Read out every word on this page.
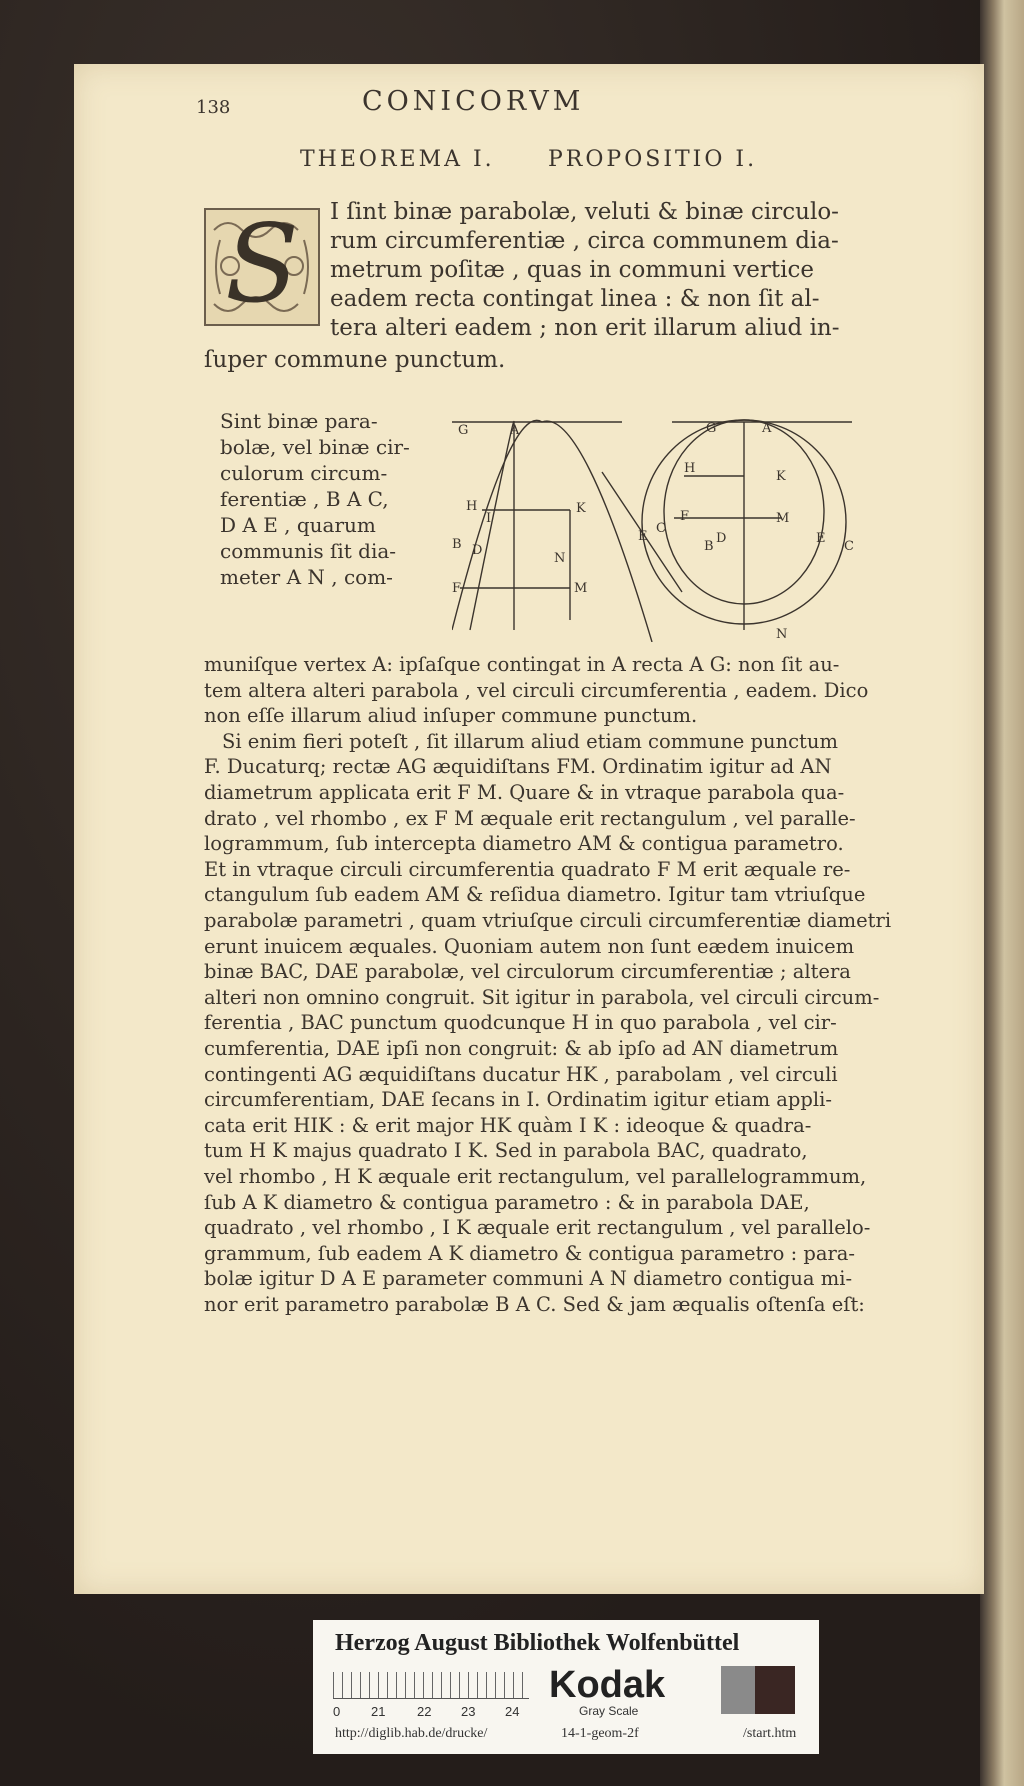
138	CONICORVM
THEOREMA I. PROPOSITIO I.
S	I ſint binæ parabolæ, veluti & binæ circulo-
rum circumferentiæ , circa communem dia-
metrum poſitæ , quas in communi vertice
eadem recta contingat linea : & non ſit al-
tera alteri eadem ; non erit illarum aliud in-
ſuper commune punctum.
Sint binæ para-
bolæ, vel binæ cir-
culorum circum-
ferentiæ , B A C,
D A E , quarum
communis ſit dia-
meter A N , com-
G	A
H
I
K
B D
N
F	M
G	A
H
K
F	M
E
C
B
D	E
C
N
muniſque vertex A: ipſaſque contingat in A recta A G: non ſit au-
tem altera alteri parabola , vel circuli circumferentia , eadem. Dico
non eſſe illarum aliud inſuper commune punctum.
Si enim fieri poteſt , ſit illarum aliud etiam commune punctum
F. Ducaturq; rectæ AG æquidiſtans FM. Ordinatim igitur ad AN
diametrum applicata erit F M. Quare & in vtraque parabola qua-
drato , vel rhombo , ex F M æquale erit rectangulum , vel paralle-
logrammum, ſub intercepta diametro AM & contigua parametro.
Et in vtraque circuli circumferentia quadrato F M erit æquale re-
ctangulum ſub eadem AM & reſidua diametro. Igitur tam vtriuſque
parabolæ parametri , quam vtriuſque circuli circumferentiæ diametri
erunt inuicem æquales. Quoniam autem non ſunt eædem inuicem
binæ BAC, DAE parabolæ, vel circulorum circumferentiæ ; altera
alteri non omnino congruit. Sit igitur in parabola, vel circuli circum-
ferentia , BAC punctum quodcunque H in quo parabola , vel cir-
cumferentia, DAE ipſi non congruit: & ab ipſo ad AN diametrum
contingenti AG æquidiſtans ducatur HK , parabolam , vel circuli
circumferentiam, DAE ſecans in I. Ordinatim igitur etiam appli-
cata erit HIK : & erit major HK quàm I K : ideoque & quadra-
tum H K majus quadrato I K. Sed in parabola BAC, quadrato,
vel rhombo , H K æquale erit rectangulum, vel parallelogrammum,
ſub A K diametro & contigua parametro : & in parabola DAE,
quadrato , vel rhombo , I K æquale erit rectangulum , vel parallelo-
grammum, ſub eadem A K diametro & contigua parametro : para-
bolæ igitur D A E parameter communi A N diametro contigua mi-
nor erit parametro parabolæ B A C. Sed & jam æqualis oſtenſa eſt:
Herzog August Bibliothek Wolfenbüttel
0 21 22 23 24
Kodak
Gray Scale
http://diglib.hab.de/drucke/	14-1-geom-2f	/start.htm
